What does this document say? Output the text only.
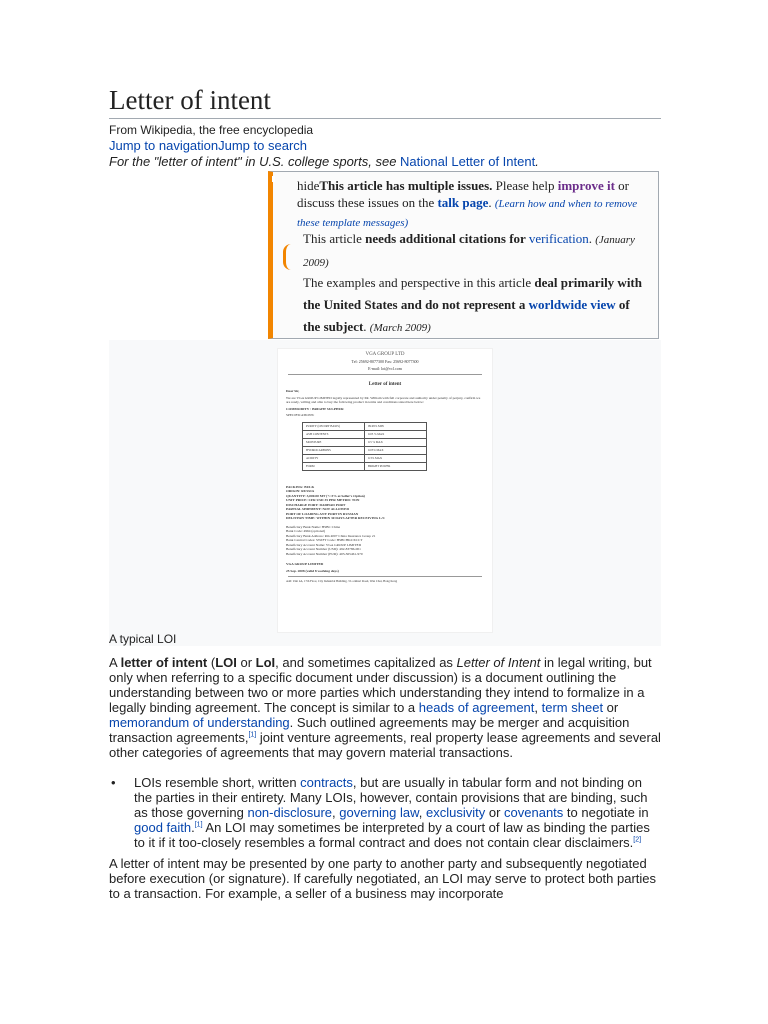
Letter of intent
From Wikipedia, the free encyclopedia
Jump to navigationJump to search
For the "letter of intent" in U.S. college sports, see National Letter of Intent.
hideThis article has multiple issues. Please help improve it or discuss these issues on the talk page. (Learn how and when to remove these template messages)
This article needs additional citations for verification. (January 2009)
The examples and perspective in this article deal primarily with the United States and do not represent a worldwide view of the subject. (March 2009)
VGA GROUP LTD
Tel: 25692-8077300 Fax: 25692-8077300
E-mail: loi@vcl.com
Letter of intent
Dear Sir,
We are VGA GROUP LIMITED legally represented by Mr. William with full corporate and authority under penalty of perjury, confirm we are ready, willing and able to buy the following product in terms and conditions stated here below:
COMMODITY : BRIGHT SULPHUR
SPECIFICATIONS:
PURITY (ON DRY BASIS)	99.99% MIN
ASH CONTENTS	0.05 % MAX
MOISTURE	0.5 % MAX
HYDROCARBONS	0.05% MAX
ACIDITY	0.3% MAX
FORM	BRIGHT POWER
PACKING: BULK
ORIGIN: RUSSIA
QUANTITY: 3,000.00 MT (+/-5% at Seller's Option)
UNIT PRICE: CFR USD 35 PER METRIC TON
DISCHARGE PORT: DADHAD PORT
PARTIAL SHIPMENT: NOT ALLOWED
PORT OF LOADING ANY PORT IN RUSSIAN
DELIVERY TIME: WITHIN 30 DAYS AFTER RECEIVING L/C
Beneficiary Bank Name: HSBC China
Bank Code: 4964 (optional)
Beneficiary Bank Address: Rm 4007 China Insurance Group 21
Bank Central Codes: SWIFT Code: HSBCHKCXCCT
Beneficiary Account Name: VGA GROUP LIMITED
Beneficiary Account Number (USD): 492-83786-001
Beneficiary Account Number (EUR): 403-365461-970
VGA GROUP LIMITED
25 Sep. 2008 (valid 8 working days)
Add: Unit 4A, 17th Floor, City Industrial Building, 3 Lockhart Road, Wan Chai, Hong Kong
A typical LOI

A letter of intent (LOI or LoI, and sometimes capitalized as Letter of Intent in legal writing, but only when referring to a specific document under discussion) is a document outlining the understanding between two or more parties which understanding they intend to formalize in a legally binding agreement. The concept is similar to a heads of agreement, term sheet or memorandum of understanding. Such outlined agreements may be merger and acquisition transaction agreements,[1] joint venture agreements, real property lease agreements and several other categories of agreements that may govern material transactions.

• LOIs resemble short, written contracts, but are usually in tabular form and not binding on the parties in their entirety. Many LOIs, however, contain provisions that are binding, such as those governing non-disclosure, governing law, exclusivity or covenants to negotiate in good faith.[1] An LOI may sometimes be interpreted by a court of law as binding the parties to it if it too-closely resembles a formal contract and does not contain clear disclaimers.[2]

A letter of intent may be presented by one party to another party and subsequently negotiated before execution (or signature). If carefully negotiated, an LOI may serve to protect both parties to a transaction. For example, a seller of a business may incorporate
